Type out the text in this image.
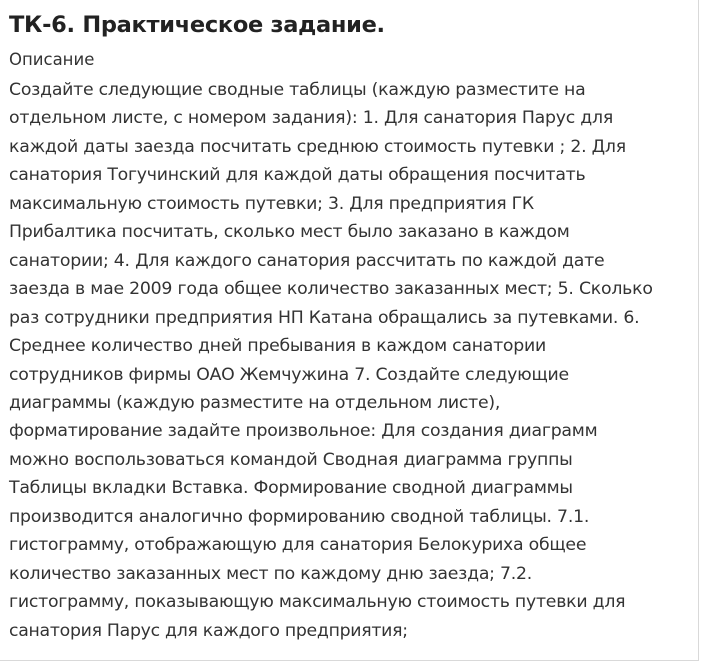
ТК-6. Практическое задание.
Описание
Создайте следующие сводные таблицы (каждую разместите на
отдельном листе, с номером задания): 1. Для санатория Парус для
каждой даты заезда посчитать среднюю стоимость путевки ; 2. Для
санатория Тогучинский для каждой даты обращения посчитать
максимальную стоимость путевки; 3. Для предприятия ГК
Прибалтика посчитать, сколько мест было заказано в каждом
санатории; 4. Для каждого санатория рассчитать по каждой дате
заезда в мае 2009 года общее количество заказанных мест; 5. Сколько
раз сотрудники предприятия НП Катана обращались за путевками. 6.
Среднее количество дней пребывания в каждом санатории
сотрудников фирмы ОАО Жемчужина 7. Создайте следующие
диаграммы (каждую разместите на отдельном листе),
форматирование задайте произвольное: Для создания диаграмм
можно воспользоваться командой Сводная диаграмма группы
Таблицы вкладки Вставка. Формирование сводной диаграммы
производится аналогично формированию сводной таблицы. 7.1.
гистограмму, отображающую для санатория Белокуриха общее
количество заказанных мест по каждому дню заезда; 7.2.
гистограмму, показывающую максимальную стоимость путевки для
санатория Парус для каждого предприятия;
